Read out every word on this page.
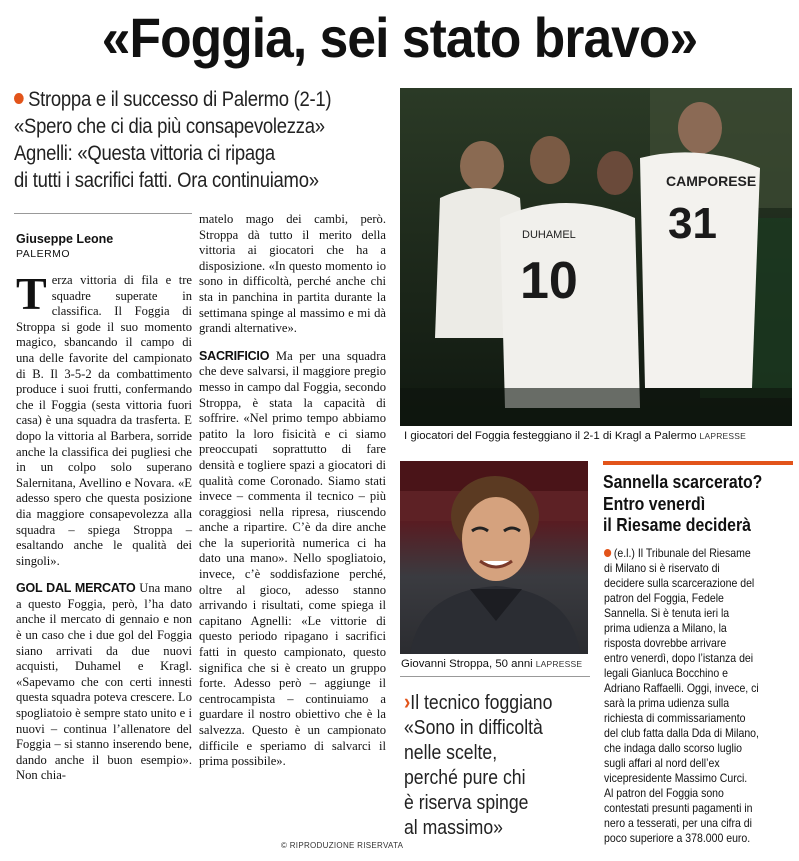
«Foggia, sei stato bravo»
Stroppa e il successo di Palermo (2-1)
«Spero che ci dia più consapevolezza»
Agnelli: «Questa vittoria ci ripaga
di tutti i sacrifici fatti. Ora continuiamo»
Giuseppe Leone
PALERMO

Terza vittoria di fila e tre squadre superate in classifica. Il Foggia di Stroppa si gode il suo momento magico, sbancando il campo di una delle favorite del campionato di B. Il 3-5-2 da combattimento produce i suoi frutti, confermando che il Foggia (sesta vittoria fuori casa) è una squadra da trasferta. E dopo la vittoria al Barbera, sorride anche la classifica dei pugliesi che in un colpo solo superano Salernitana, Avellino e Novara. «E adesso spero che questa posizione dia maggiore consapevolezza alla squadra – spiega Stroppa – esaltando anche le qualità dei singoli».

GOL DAL MERCATO Una mano a questo Foggia, però, l’ha dato anche il mercato di gennaio e non è un caso che i due gol del Foggia siano arrivati da due nuovi acquisti, Duhamel e Kragl. «Sapevamo che con certi innesti questa squadra poteva crescere. Lo spogliatoio è sempre stato unito e i nuovi – continua l’allenatore del Foggia – si stanno inserendo bene, dando anche il buon esempio». Non chia-

matelo mago dei cambi, però. Stroppa dà tutto il merito della vittoria ai giocatori che ha a disposizione. «In questo momento io sono in difficoltà, perché anche chi sta in panchina in partita durante la settimana spinge al massimo e mi dà grandi alternative».

SACRIFICIO Ma per una squadra che deve salvarsi, il maggiore pregio messo in campo dal Foggia, secondo Stroppa, è stata la capacità di soffrire. «Nel primo tempo abbiamo patito la loro fisicità e ci siamo preoccupati soprattutto di fare densità e togliere spazi a giocatori di qualità come Coronado. Siamo stati invece – commenta il tecnico – più coraggiosi nella ripresa, riuscendo anche a ripartire. C’è da dire anche che la superiorità numerica ci ha dato una mano». Nello spogliatoio, invece, c’è soddisfazione perché, oltre al gioco, adesso stanno arrivando i risultati, come spiega il capitano Agnelli: «Le vittorie di questo periodo ripagano i sacrifici fatti in questo campionato, questo significa che si è creato un gruppo forte. Adesso però – aggiunge il centrocampista – continuiamo a guardare il nostro obiettivo che è la salvezza. Questo è un campionato difficile e speriamo di salvarci il prima possibile».

© RIPRODUZIONE RISERVATA
10
DUHAMEL
CAMPORESE
31
I giocatori del Foggia festeggiano il 2-1 di Kragl a Palermo LAPRESSE
Giovanni Stroppa, 50 anni LAPRESSE
›Il tecnico foggiano
«Sono in difficoltà
nelle scelte,
perché pure chi
è riserva spinge
al massimo»
Sannella scarcerato?
Entro venerdì
il Riesame deciderà
(e.l.) Il Tribunale del Riesame
di Milano si è riservato di
decidere sulla scarcerazione del
patron del Foggia, Fedele
Sannella. Si è tenuta ieri la
prima udienza a Milano, la
risposta dovrebbe arrivare
entro venerdì, dopo l’istanza dei
legali Gianluca Bocchino e
Adriano Raffaelli. Oggi, invece, ci
sarà la prima udienza sulla
richiesta di commissariamento
del club fatta dalla Dda di Milano,
che indaga dallo scorso luglio
sugli affari al nord dell’ex
vicepresidente Massimo Curci.
Al patron del Foggia sono
contestati presunti pagamenti in
nero a tesserati, per una cifra di
poco superiore a 378.000 euro.
